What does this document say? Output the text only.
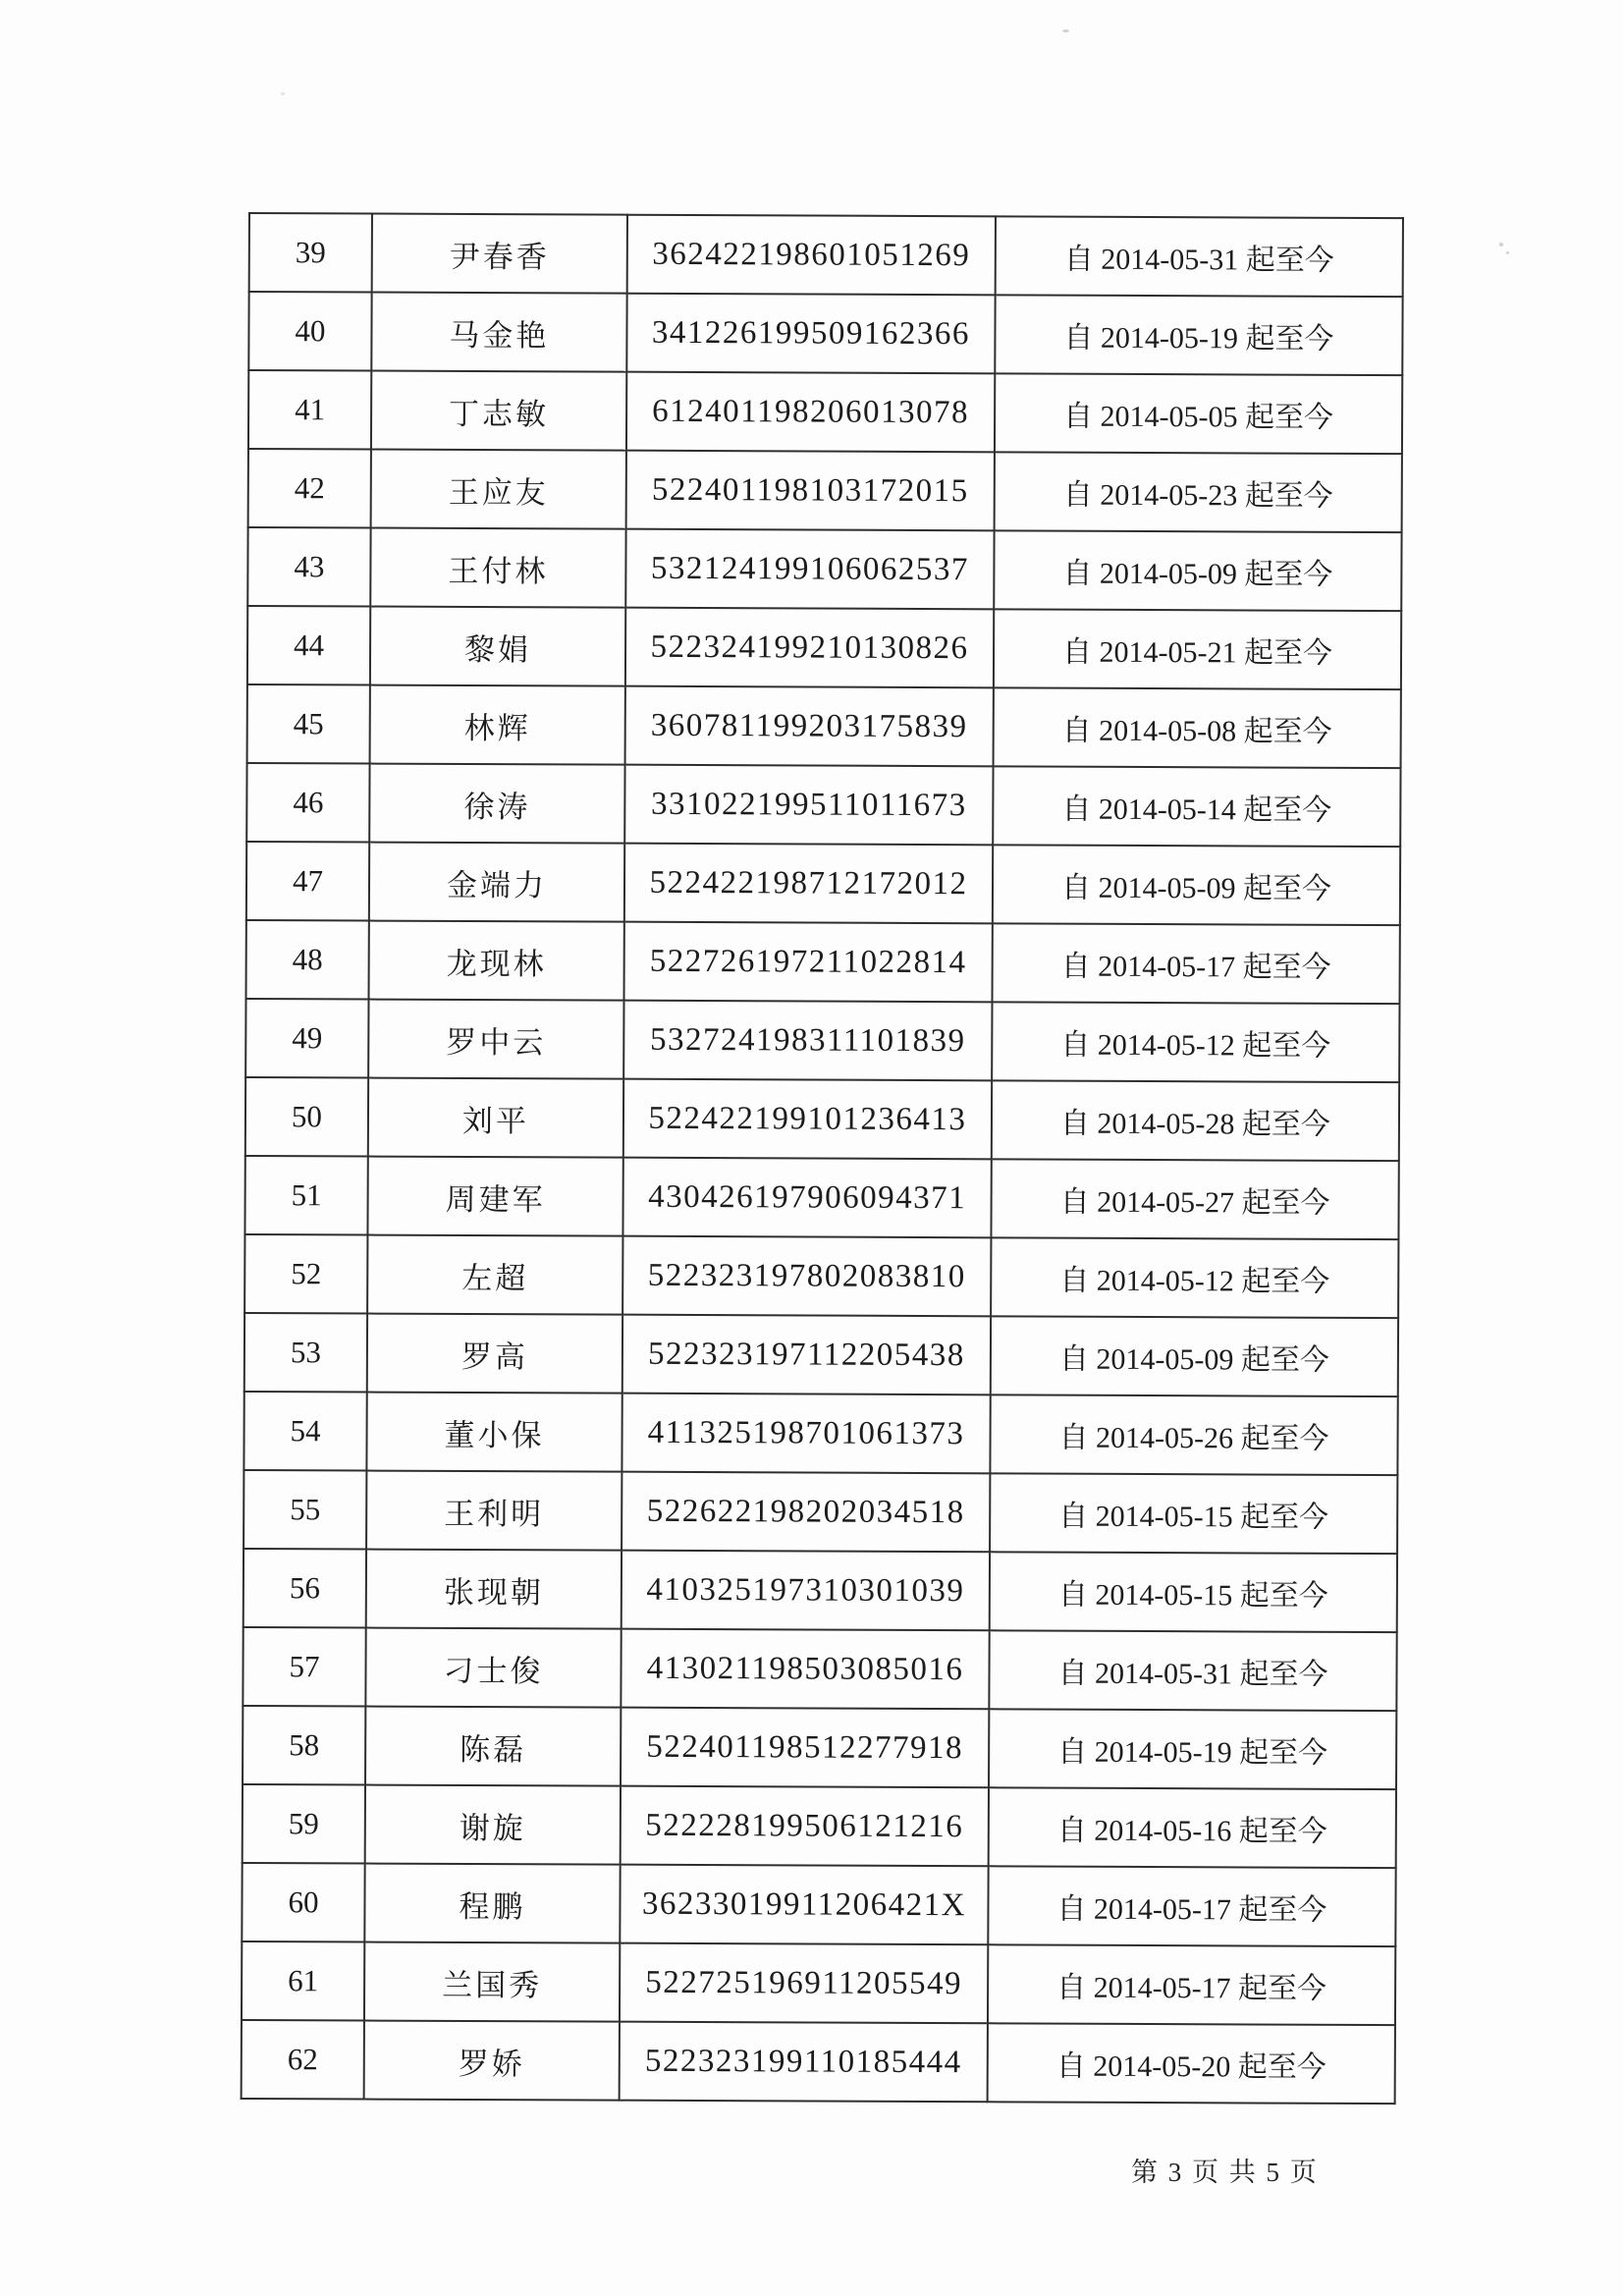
39	尹春香	362422198601051269	自 2014-05-31 起至今
40	马金艳	341226199509162366	自 2014-05-19 起至今
41	丁志敏	612401198206013078	自 2014-05-05 起至今
42	王应友	522401198103172015	自 2014-05-23 起至今
43	王付林	532124199106062537	自 2014-05-09 起至今
44	黎娟	522324199210130826	自 2014-05-21 起至今
45	林辉	360781199203175839	自 2014-05-08 起至今
46	徐涛	331022199511011673	自 2014-05-14 起至今
47	金端力	522422198712172012	自 2014-05-09 起至今
48	龙现林	522726197211022814	自 2014-05-17 起至今
49	罗中云	532724198311101839	自 2014-05-12 起至今
50	刘平	522422199101236413	自 2014-05-28 起至今
51	周建军	430426197906094371	自 2014-05-27 起至今
52	左超	522323197802083810	自 2014-05-12 起至今
53	罗高	522323197112205438	自 2014-05-09 起至今
54	董小保	411325198701061373	自 2014-05-26 起至今
55	王利明	522622198202034518	自 2014-05-15 起至今
56	张现朝	410325197310301039	自 2014-05-15 起至今
57	刁士俊	413021198503085016	自 2014-05-31 起至今
58	陈磊	522401198512277918	自 2014-05-19 起至今
59	谢旋	522228199506121216	自 2014-05-16 起至今
60	程鹏	36233019911206421X	自 2014-05-17 起至今
61	兰国秀	522725196911205549	自 2014-05-17 起至今
62	罗娇	522323199110185444	自 2014-05-20 起至今
第 3 页 共 5 页
